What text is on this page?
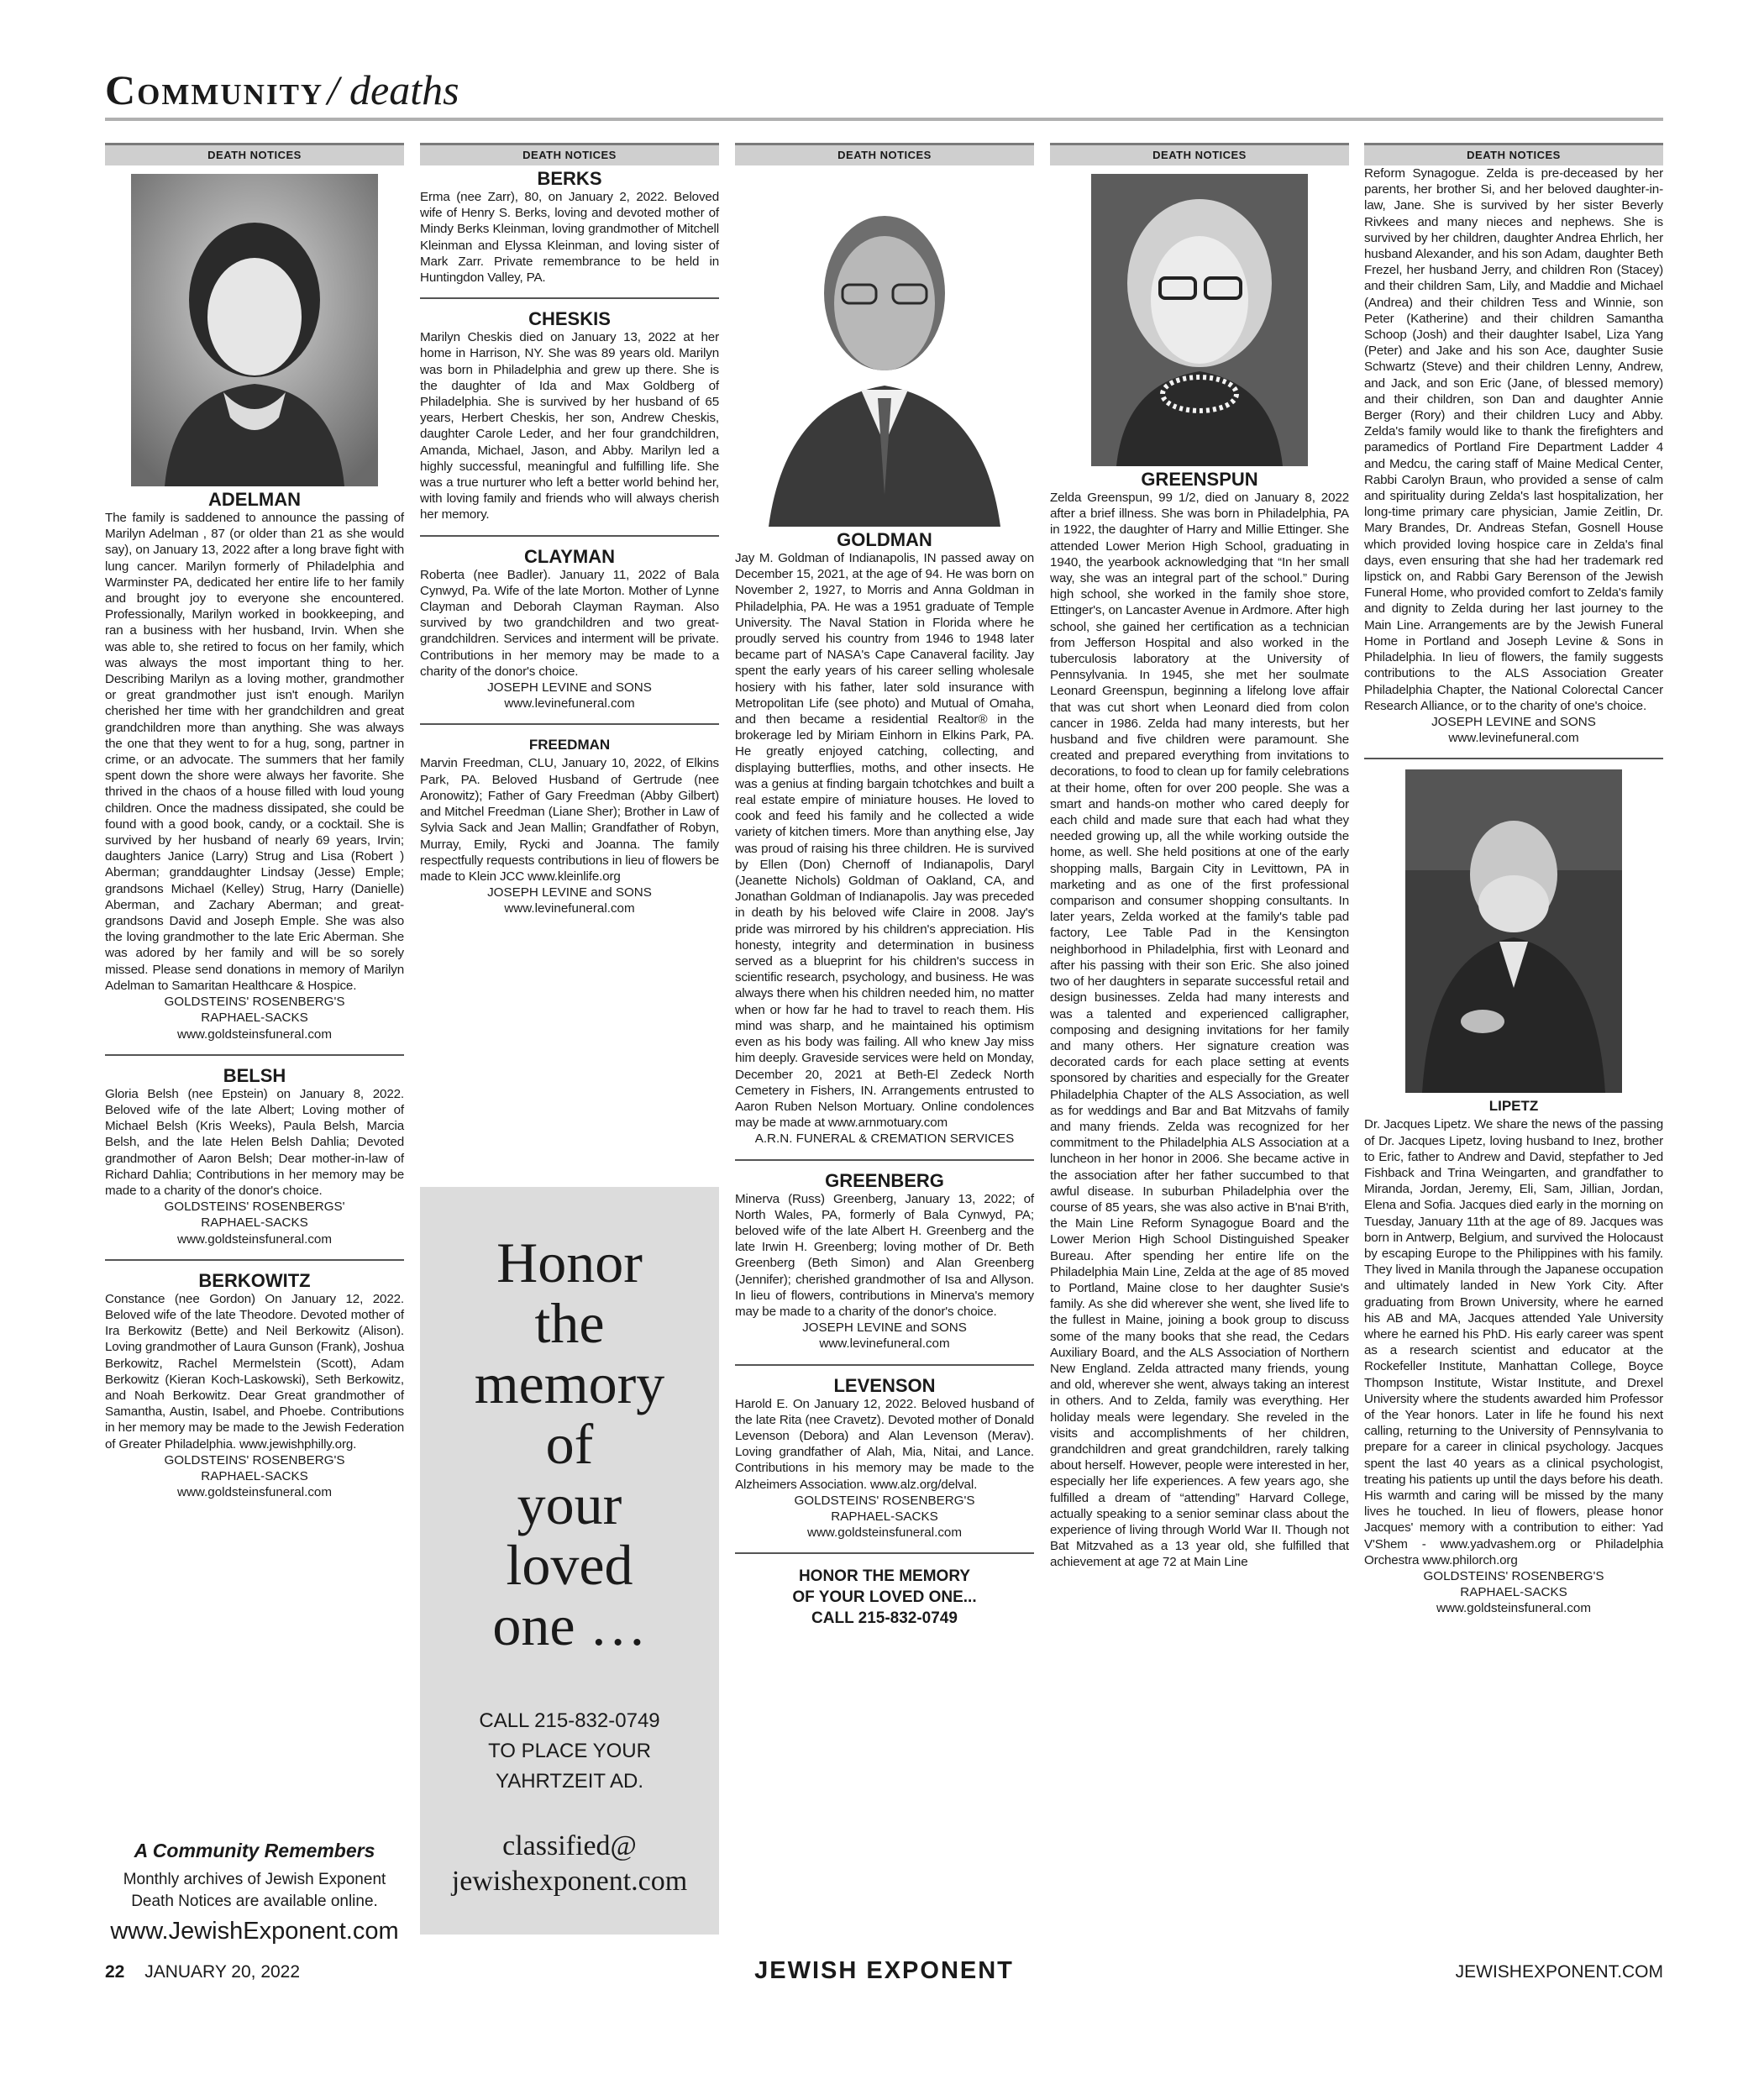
Community / deaths
DEATH NOTICES
ADELMAN
The family is saddened to announce the passing of Marilyn Adelman , 87 (or older than 21 as she would say), on January 13, 2022 after a long brave fight with lung cancer. Marilyn formerly of Philadelphia and Warminster PA, dedicated her entire life to her family and brought joy to everyone she encountered. Professionally, Marilyn worked in bookkeeping, and ran a business with her husband, Irvin. When she was able to, she retired to focus on her family, which was always the most important thing to her. Describing Marilyn as a loving mother, grandmother or great grandmother just isn't enough. Marilyn cherished her time with her grandchildren and great grandchildren more than anything. She was always the one that they went to for a hug, song, partner in crime, or an advocate. The summers that her family spent down the shore were always her favorite. She thrived in the chaos of a house filled with loud young children. Once the madness dissipated, she could be found with a good book, candy, or a cocktail. She is survived by her husband of nearly 69 years, Irvin; daughters Janice (Larry) Strug and Lisa (Robert ) Aberman; granddaughter Lindsay (Jesse) Emple; grandsons Michael (Kelley) Strug, Harry (Danielle) Aberman, and Zachary Aberman; and great-grandsons David and Joseph Emple. She was also the loving grandmother to the late Eric Aberman. She was adored by her family and will be so sorely missed. Please send donations in memory of Marilyn Adelman to Samaritan Healthcare & Hospice.
GOLDSTEINS' ROSENBERG'S
RAPHAEL-SACKS
www.goldsteinsfuneral.com
BELSH
Gloria Belsh (nee Epstein) on January 8, 2022. Beloved wife of the late Albert; Loving mother of Michael Belsh (Kris Weeks), Paula Belsh, Marcia Belsh, and the late Helen Belsh Dahlia; Devoted grandmother of Aaron Belsh; Dear mother-in-law of Richard Dahlia; Contributions in her memory may be made to a charity of the donor's choice.
GOLDSTEINS' ROSENBERGS'
RAPHAEL-SACKS
www.goldsteinsfuneral.com
BERKOWITZ
Constance (nee Gordon) On January 12, 2022. Beloved wife of the late Theodore. Devoted mother of Ira Berkowitz (Bette) and Neil Berkowitz (Alison). Loving grandmother of Laura Gunson (Frank), Joshua Berkowitz, Rachel Mermelstein (Scott), Adam Berkowitz (Kieran Koch-Laskowski), Seth Berkowitz, and Noah Berkowitz. Dear Great grandmother of Samantha, Austin, Isabel, and Phoebe. Contributions in her memory may be made to the Jewish Federation of Greater Philadelphia. www.jewishphilly.org.
GOLDSTEINS' ROSENBERG'S
RAPHAEL-SACKS
www.goldsteinsfuneral.com
A Community Remembers
Monthly archives of Jewish Exponent
Death Notices are available online.
www.JewishExponent.com
DEATH NOTICES
BERKS
Erma (nee Zarr), 80, on January 2, 2022. Beloved wife of Henry S. Berks, loving and devoted mother of Mindy Berks Kleinman, loving grandmother of Mitchell Kleinman and Elyssa Kleinman, and loving sister of Mark Zarr. Private remembrance to be held in Huntingdon Valley, PA.
CHESKIS
Marilyn Cheskis died on January 13, 2022 at her home in Harrison, NY. She was 89 years old. Marilyn was born in Philadelphia and grew up there. She is the daughter of Ida and Max Goldberg of Philadelphia. She is survived by her husband of 65 years, Herbert Cheskis, her son, Andrew Cheskis, daughter Carole Leder, and her four grandchildren, Amanda, Michael, Jason, and Abby. Marilyn led a highly successful, meaningful and fulfilling life. She was a true nurturer who left a better world behind her, with loving family and friends who will always cherish her memory.
CLAYMAN
Roberta (nee Badler). January 11, 2022 of Bala Cynwyd, Pa. Wife of the late Morton. Mother of Lynne Clayman and Deborah Clayman Rayman. Also survived by two grandchildren and two great-grandchildren. Services and interment will be private. Contributions in her memory may be made to a charity of the donor's choice.
JOSEPH LEVINE and SONS
www.levinefuneral.com
FREEDMAN
Marvin Freedman, CLU, January 10, 2022, of Elkins Park, PA. Beloved Husband of Gertrude (nee Aronowitz); Father of Gary Freedman (Abby Gilbert) and Mitchel Freedman (Liane Sher); Brother in Law of Sylvia Sack and Jean Mallin; Grandfather of Robyn, Murray, Emily, Rycki and Joanna. The family respectfully requests contributions in lieu of flowers be made to Klein JCC www.kleinlife.org
JOSEPH LEVINE and SONS
www.levinefuneral.com
Honor
the
memory
of
your
loved
one …
CALL 215-832-0749
TO PLACE YOUR
YAHRTZEIT AD.
classified@
jewishexponent.com
DEATH NOTICES
GOLDMAN
Jay M. Goldman of Indianapolis, IN passed away on December 15, 2021, at the age of 94. He was born on November 2, 1927, to Morris and Anna Goldman in Philadelphia, PA. He was a 1951 graduate of Temple University. The Naval Station in Florida where he proudly served his country from 1946 to 1948 later became part of NASA's Cape Canaveral facility. Jay spent the early years of his career selling wholesale hosiery with his father, later sold insurance with Metropolitan Life (see photo) and Mutual of Omaha, and then became a residential Realtor® in the brokerage led by Miriam Einhorn in Elkins Park, PA. He greatly enjoyed catching, collecting, and displaying butterflies, moths, and other insects. He was a genius at finding bargain tchotchkes and built a real estate empire of miniature houses. He loved to cook and feed his family and he collected a wide variety of kitchen timers. More than anything else, Jay was proud of raising his three children. He is survived by Ellen (Don) Chernoff of Indianapolis, Daryl (Jeanette Nichols) Goldman of Oakland, CA, and Jonathan Goldman of Indianapolis. Jay was preceded in death by his beloved wife Claire in 2008. Jay's pride was mirrored by his children's appreciation. His honesty, integrity and determination in business served as a blueprint for his children's success in scientific research, psychology, and business. He was always there when his children needed him, no matter when or how far he had to travel to reach them. His mind was sharp, and he maintained his optimism even as his body was failing. All who knew Jay miss him deeply. Graveside services were held on Monday, December 20, 2021 at Beth-El Zedeck North Cemetery in Fishers, IN. Arrangements entrusted to Aaron Ruben Nelson Mortuary. Online condolences may be made at www.arnmotuary.com
A.R.N. FUNERAL & CREMATION SERVICES
GREENBERG
Minerva (Russ) Greenberg, January 13, 2022; of North Wales, PA, formerly of Bala Cynwyd, PA; beloved wife of the late Albert H. Greenberg and the late Irwin H. Greenberg; loving mother of Dr. Beth Greenberg (Beth Simon) and Alan Greenberg (Jennifer); cherished grandmother of Isa and Allyson. In lieu of flowers, contributions in Minerva's memory may be made to a charity of the donor's choice.
JOSEPH LEVINE and SONS
www.levinefuneral.com
LEVENSON
Harold E. On January 12, 2022. Beloved husband of the late Rita (nee Cravetz). Devoted mother of Donald Levenson (Debora) and Alan Levenson (Merav). Loving grandfather of Alah, Mia, Nitai, and Lance. Contributions in his memory may be made to the Alzheimers Association. www.alz.org/delval.
GOLDSTEINS' ROSENBERG'S
RAPHAEL-SACKS
www.goldsteinsfuneral.com
HONOR THE MEMORY
OF YOUR LOVED ONE...
CALL 215-832-0749
DEATH NOTICES
GREENSPUN
Zelda Greenspun, 99 1/2, died on January 8, 2022 after a brief illness. She was born in Philadelphia, PA in 1922, the daughter of Harry and Millie Ettinger. She attended Lower Merion High School, graduating in 1940, the yearbook acknowledging that “In her small way, she was an integral part of the school.” During high school, she worked in the family shoe store, Ettinger's, on Lancaster Avenue in Ardmore. After high school, she gained her certification as a technician from Jefferson Hospital and also worked in the tuberculosis laboratory at the University of Pennsylvania. In 1945, she met her soulmate Leonard Greenspun, beginning a lifelong love affair that was cut short when Leonard died from colon cancer in 1986. Zelda had many interests, but her husband and five children were paramount. She created and prepared everything from invitations to decorations, to food to clean up for family celebrations at their home, often for over 200 people. She was a smart and hands-on mother who cared deeply for each child and made sure that each had what they needed growing up, all the while working outside the home, as well. She held positions at one of the early shopping malls, Bargain City in Levittown, PA in marketing and as one of the first professional comparison and consumer shopping consultants. In later years, Zelda worked at the family's table pad factory, Lee Table Pad in the Kensington neighborhood in Philadelphia, first with Leonard and after his passing with their son Eric. She also joined two of her daughters in separate successful retail and design businesses. Zelda had many interests and was a talented and experienced calligrapher, composing and designing invitations for her family and many others. Her signature creation was decorated cards for each place setting at events sponsored by charities and especially for the Greater Philadelphia Chapter of the ALS Association, as well as for weddings and Bar and Bat Mitzvahs of family and many friends. Zelda was recognized for her commitment to the Philadelphia ALS Association at a luncheon in her honor in 2006. She became active in the association after her father succumbed to that awful disease. In suburban Philadelphia over the course of 85 years, she was also active in B'nai B'rith, the Main Line Reform Synagogue Board and the Lower Merion High School Distinguished Speaker Bureau. After spending her entire life on the Philadelphia Main Line, Zelda at the age of 85 moved to Portland, Maine close to her daughter Susie's family. As she did wherever she went, she lived life to the fullest in Maine, joining a book group to discuss some of the many books that she read, the Cedars Auxiliary Board, and the ALS Association of Northern New England. Zelda attracted many friends, young and old, wherever she went, always taking an interest in others. And to Zelda, family was everything. Her holiday meals were legendary. She reveled in the visits and accomplishments of her children, grandchildren and great grandchildren, rarely talking about herself. However, people were interested in her, especially her life experiences. A few years ago, she fulfilled a dream of “attending” Harvard College, actually speaking to a senior seminar class about the experience of living through World War II. Though not Bat Mitzvahed as a 13 year old, she fulfilled that achievement at age 72 at Main Line
DEATH NOTICES
Reform Synagogue. Zelda is pre-deceased by her parents, her brother Si, and her beloved daughter-in-law, Jane. She is survived by her sister Beverly Rivkees and many nieces and nephews. She is survived by her children, daughter Andrea Ehrlich, her husband Alexander, and his son Adam, daughter Beth Frezel, her husband Jerry, and children Ron (Stacey) and their children Sam, Lily, and Maddie and Michael (Andrea) and their children Tess and Winnie, son Peter (Katherine) and their children Samantha Schoop (Josh) and their daughter Isabel, Liza Yang (Peter) and Jake and his son Ace, daughter Susie Schwartz (Steve) and their children Lenny, Andrew, and Jack, and son Eric (Jane, of blessed memory) and their children, son Dan and daughter Annie Berger (Rory) and their children Lucy and Abby. Zelda's family would like to thank the firefighters and paramedics of Portland Fire Department Ladder 4 and Medcu, the caring staff of Maine Medical Center, Rabbi Carolyn Braun, who provided a sense of calm and spirituality during Zelda's last hospitalization, her long-time primary care physician, Jamie Zeitlin, Dr. Mary Brandes, Dr. Andreas Stefan, Gosnell House which provided loving hospice care in Zelda's final days, even ensuring that she had her trademark red lipstick on, and Rabbi Gary Berenson of the Jewish Funeral Home, who provided comfort to Zelda's family and dignity to Zelda during her last journey to the Main Line. Arrangements are by the Jewish Funeral Home in Portland and Joseph Levine & Sons in Philadelphia. In lieu of flowers, the family suggests contributions to the ALS Association Greater Philadelphia Chapter, the National Colorectal Cancer Research Alliance, or to the charity of one's choice.
JOSEPH LEVINE and SONS
www.levinefuneral.com
LIPETZ
Dr. Jacques Lipetz. We share the news of the passing of Dr. Jacques Lipetz, loving husband to Inez, brother to Eric, father to Andrew and David, stepfather to Jed Fishback and Trina Weingarten, and grandfather to Miranda, Jordan, Jeremy, Eli, Sam, Jillian, Jordan, Elena and Sofia. Jacques died early in the morning on Tuesday, January 11th at the age of 89. Jacques was born in Antwerp, Belgium, and survived the Holocaust by escaping Europe to the Philippines with his family. They lived in Manila through the Japanese occupation and ultimately landed in New York City. After graduating from Brown University, where he earned his AB and MA, Jacques attended Yale University where he earned his PhD. His early career was spent as a research scientist and educator at the Rockefeller Institute, Manhattan College, Boyce Thompson Institute, Wistar Institute, and Drexel University where the students awarded him Professor of the Year honors. Later in life he found his next calling, returning to the University of Pennsylvania to prepare for a career in clinical psychology. Jacques spent the last 40 years as a clinical psychologist, treating his patients up until the days before his death. His warmth and caring will be missed by the many lives he touched. In lieu of flowers, please honor Jacques' memory with a contribution to either: Yad V'Shem - www.yadvashem.org or Philadelphia Orchestra www.philorch.org
GOLDSTEINS' ROSENBERG'S
RAPHAEL-SACKS
www.goldsteinsfuneral.com
22 JANUARY 20, 2022	JEWISH EXPONENT	JEWISHEXPONENT.COM
